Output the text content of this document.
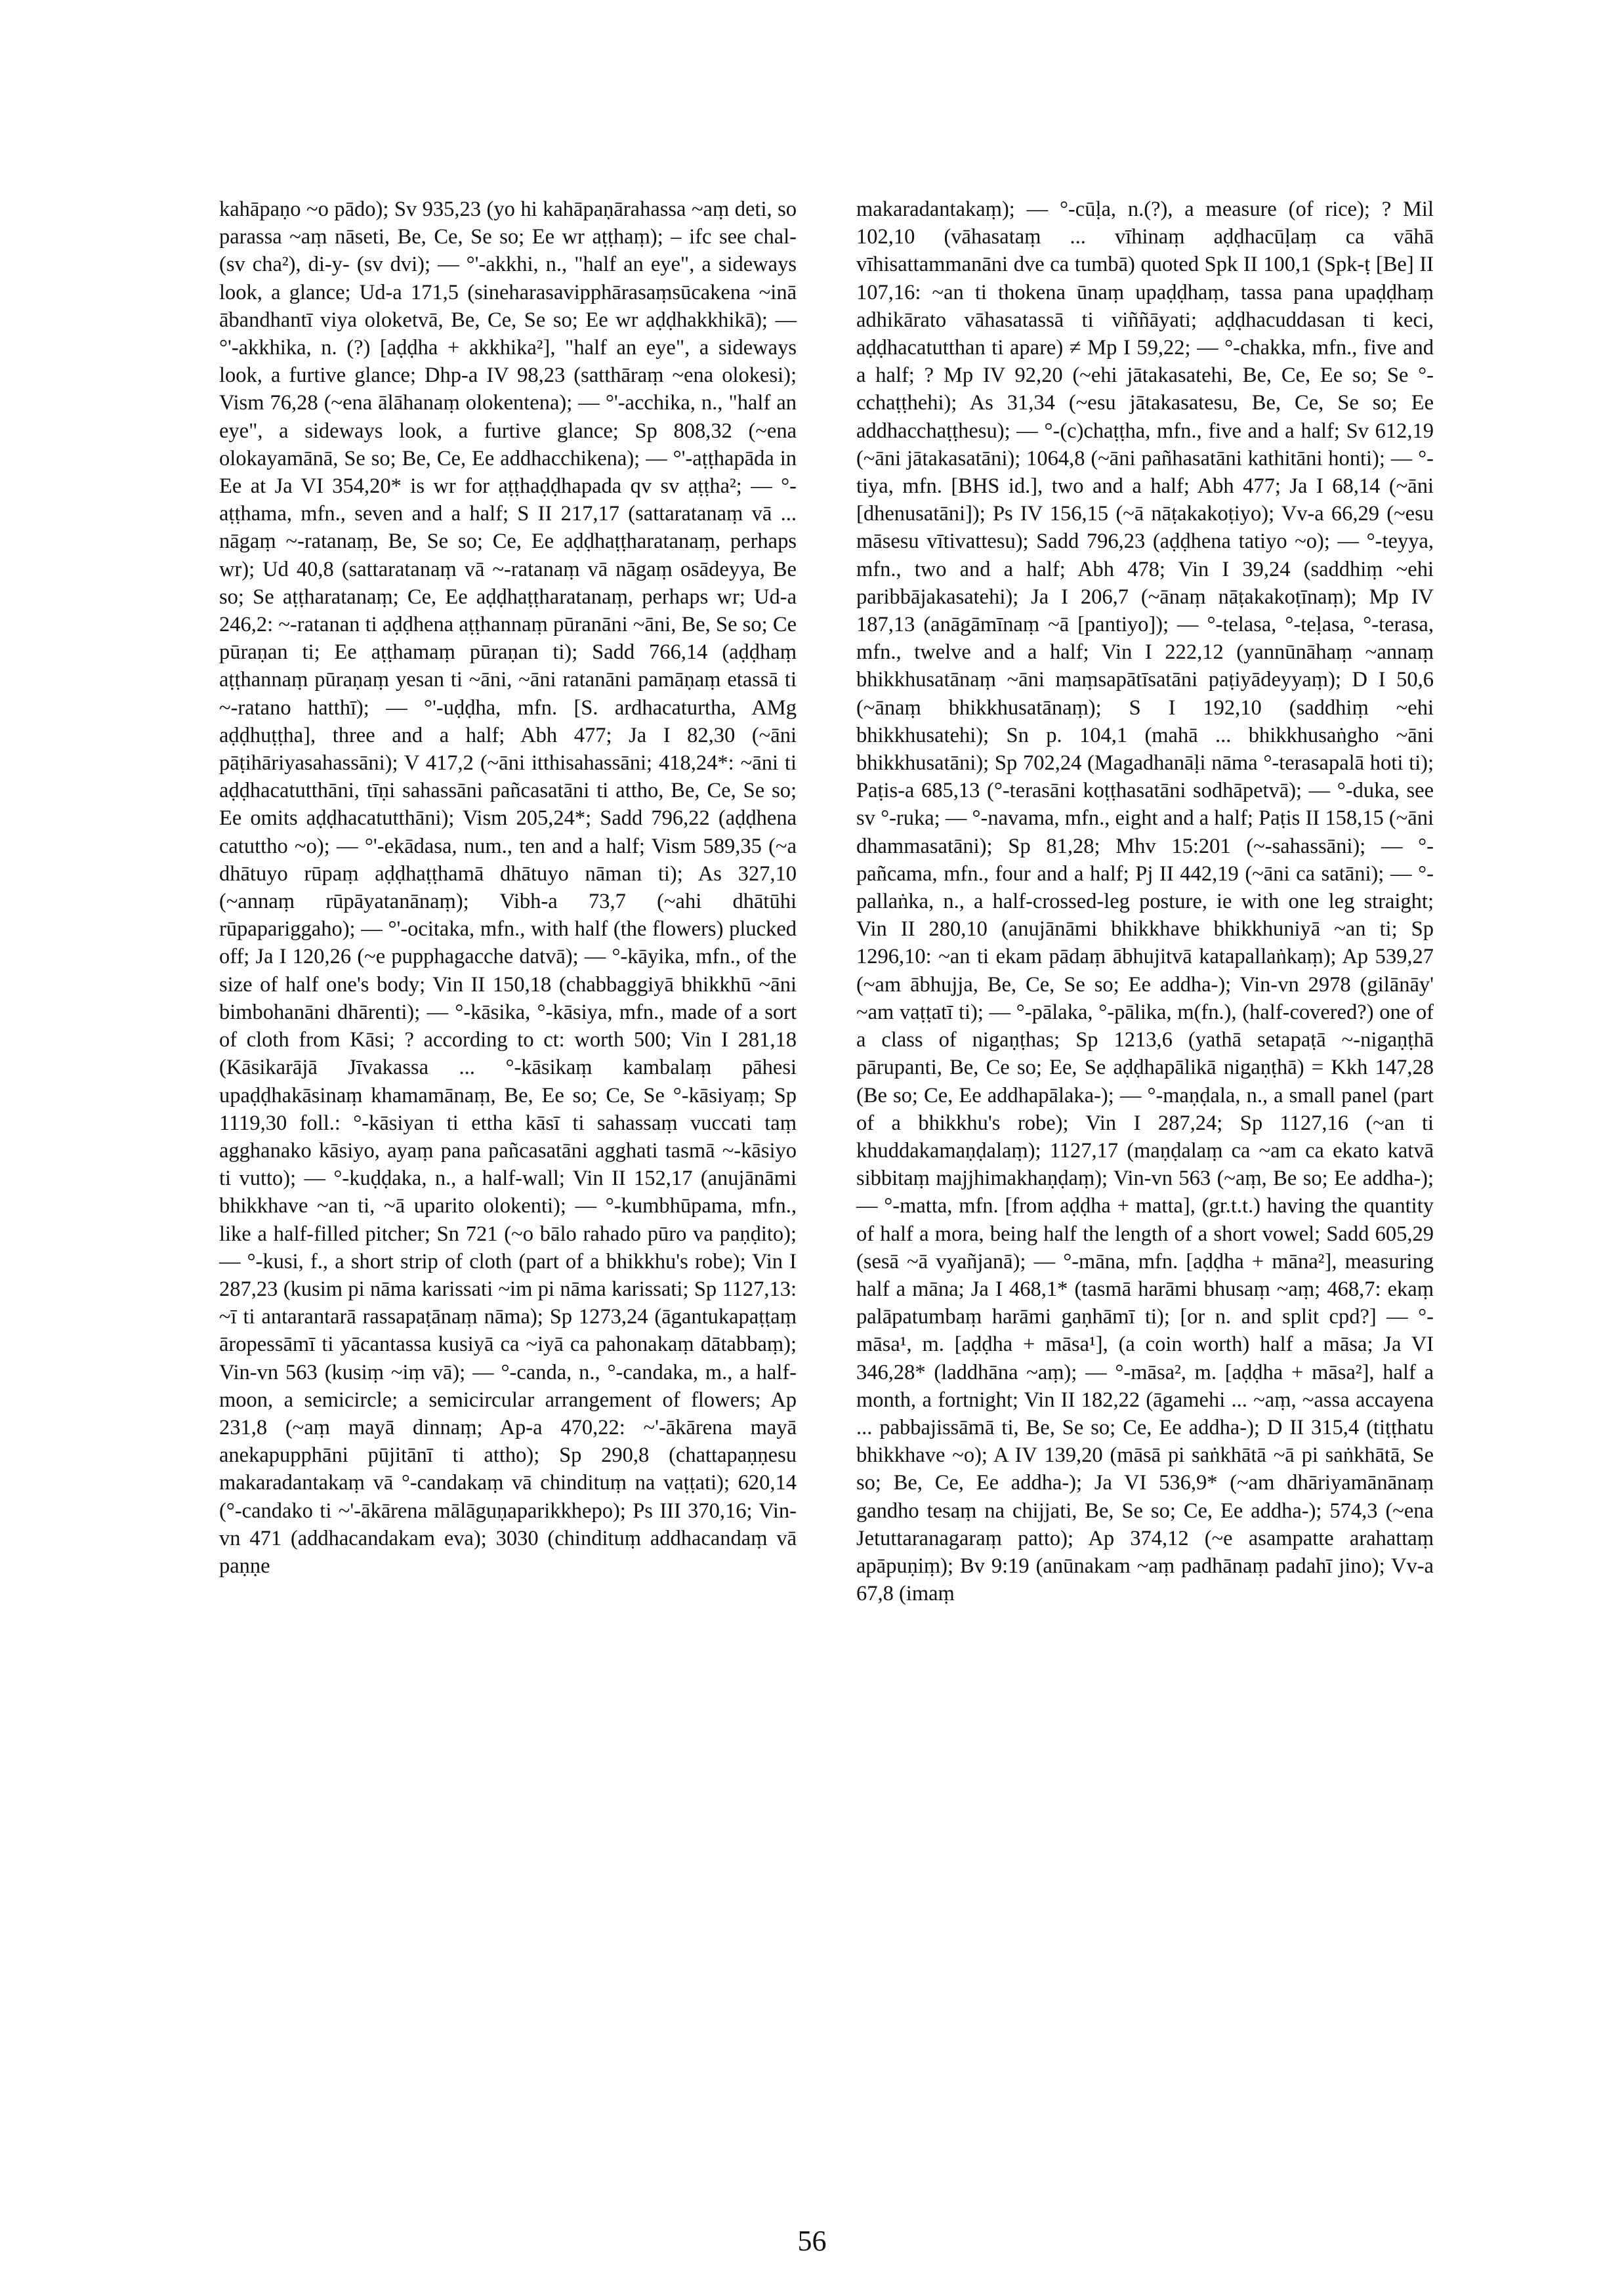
kahāpaṇo ~o pādo); Sv 935,23 (yo hi kahāpaṇārahassa ~aṃ deti, so parassa ~aṃ nāseti, Be, Ce, Se so; Ee wr aṭṭhaṃ); – ifc see chal- (sv cha²), di-y- (sv dvi); — °'-akkhi, n., "half an eye", a sideways look, a glance; Ud-a 171,5 (sineharasavipphārasaṃsūcakena ~inā ābandhantī viya oloketvā, Be, Ce, Se so; Ee wr aḍḍhakkhikā); — °'-akkhika, n. (?) [aḍḍha + akkhika²], "half an eye", a sideways look, a furtive glance; Dhp-a IV 98,23 (satthāraṃ ~ena olokesi); Vism 76,28 (~ena ālāhanaṃ olokentena); — °'-acchika, n., "half an eye", a sideways look, a furtive glance; Sp 808,32 (~ena olokayamānā, Se so; Be, Ce, Ee addhacchikena); — °'-aṭṭhapāda in Ee at Ja VI 354,20* is wr for aṭṭhaḍḍhapada qv sv aṭṭha²; — °-aṭṭhama, mfn., seven and a half; S II 217,17 (sattaratanaṃ vā ... nāgaṃ ~-ratanaṃ, Be, Se so; Ce, Ee aḍḍhaṭṭharatanaṃ, perhaps wr); Ud 40,8 (sattaratanaṃ vā ~-ratanaṃ vā nāgaṃ osādeyya, Be so; Se aṭṭharatanaṃ; Ce, Ee aḍḍhaṭṭharatanaṃ, perhaps wr; Ud-a 246,2: ~-ratanan ti aḍḍhena aṭṭhannaṃ pūranāni ~āni, Be, Se so; Ce pūraṇan ti; Ee aṭṭhamaṃ pūraṇan ti); Sadd 766,14 (aḍḍhaṃ aṭṭhannaṃ pūraṇaṃ yesan ti ~āni, ~āni ratanāni pamāṇaṃ etassā ti ~-ratano hatthī); — °'-uḍḍha, mfn. [S. ardhacaturtha, AMg aḍḍhuṭṭha], three and a half; Abh 477; Ja I 82,30 (~āni pāṭihāriyasahassāni); V 417,2 (~āni itthisahassāni; 418,24*: ~āni ti aḍḍhacatutthāni, tīṇi sahassāni pañcasatāni ti attho, Be, Ce, Se so; Ee omits aḍḍhacatutthāni); Vism 205,24*; Sadd 796,22 (aḍḍhena catuttho ~o); — °'-ekādasa, num., ten and a half; Vism 589,35 (~a dhātuyo rūpaṃ aḍḍhaṭṭhamā dhātuyo nāman ti); As 327,10 (~annaṃ rūpāyatanānaṃ); Vibh-a 73,7 (~ahi dhātūhi rūpapariggaho); — °'-ocitaka, mfn., with half (the flowers) plucked off; Ja I 120,26 (~e pupphagacche datvā); — °-kāyika, mfn., of the size of half one's body; Vin II 150,18 (chabbaggiyā bhikkhū ~āni bimbohanāni dhārenti); — °-kāsika, °-kāsiya, mfn., made of a sort of cloth from Kāsi; ? according to ct: worth 500; Vin I 281,18 (Kāsikarājā Jīvakassa ... °-kāsikaṃ kambalaṃ pāhesi upaḍḍhakāsinaṃ khamamānaṃ, Be, Ee so; Ce, Se °-kāsiyaṃ; Sp 1119,30 foll.: °-kāsiyan ti ettha kāsī ti sahassaṃ vuccati taṃ agghanako kāsiyo, ayaṃ pana pañcasatāni agghati tasmā ~-kāsiyo ti vutto); — °-kuḍḍaka, n., a half-wall; Vin II 152,17 (anujānāmi bhikkhave ~an ti, ~ā uparito olokenti); — °-kumbhūpama, mfn., like a half-filled pitcher; Sn 721 (~o bālo rahado pūro va paṇḍito); — °-kusi, f., a short strip of cloth (part of a bhikkhu's robe); Vin I 287,23 (kusim pi nāma karissati ~im pi nāma karissati; Sp 1127,13: ~ī ti antarantarā rassapaṭānaṃ nāma); Sp 1273,24 (āgantukapaṭṭaṃ āropessāmī ti yācantassa kusiyā ca ~iyā ca pahonakaṃ dātabbaṃ); Vin-vn 563 (kusiṃ ~iṃ vā); — °-canda, n., °-candaka, m., a half-moon, a semicircle; a semicircular arrangement of flowers; Ap 231,8 (~aṃ mayā dinnaṃ; Ap-a 470,22: ~'-ākārena mayā anekapupphāni pūjitānī ti attho); Sp 290,8 (chattapaṇṇesu makaradantakaṃ vā °-candakaṃ vā chindituṃ na vaṭṭati); 620,14 (°-candako ti ~'-ākārena mālāguṇaparikkhepo); Ps III 370,16; Vin-vn 471 (addhacandakam eva); 3030 (chindituṃ addhacandaṃ vā paṇṇe

makaradantakaṃ); — °-cūḷa, n.(?), a measure (of rice); ? Mil 102,10 (vāhasataṃ ... vīhinaṃ aḍḍhacūḷaṃ ca vāhā vīhisattammanāni dve ca tumbā) quoted Spk II 100,1 (Spk-ṭ [Be] II 107,16: ~an ti thokena ūnaṃ upaḍḍhaṃ, tassa pana upaḍḍhaṃ adhikārato vāhasatassā ti viññāyati; aḍḍhacuddasan ti keci, aḍḍhacatutthan ti apare) ≠ Mp I 59,22; — °-chakka, mfn., five and a half; ? Mp IV 92,20 (~ehi jātakasatehi, Be, Ce, Ee so; Se °-cchaṭṭhehi); As 31,34 (~esu jātakasatesu, Be, Ce, Se so; Ee addhacchaṭṭhesu); — °-(c)chaṭṭha, mfn., five and a half; Sv 612,19 (~āni jātakasatāni); 1064,8 (~āni pañhasatāni kathitāni honti); — °-tiya, mfn. [BHS id.], two and a half; Abh 477; Ja I 68,14 (~āni [dhenusatāni]); Ps IV 156,15 (~ā nāṭakakoṭiyo); Vv-a 66,29 (~esu māsesu vītivattesu); Sadd 796,23 (aḍḍhena tatiyo ~o); — °-teyya, mfn., two and a half; Abh 478; Vin I 39,24 (saddhiṃ ~ehi paribbājakasatehi); Ja I 206,7 (~ānaṃ nāṭakakoṭīnaṃ); Mp IV 187,13 (anāgāmīnaṃ ~ā [pantiyo]); — °-telasa, °-teḷasa, °-terasa, mfn., twelve and a half; Vin I 222,12 (yannūnāhaṃ ~annaṃ bhikkhusatānaṃ ~āni maṃsapātīsatāni paṭiyādeyyaṃ); D I 50,6 (~ānaṃ bhikkhusatānaṃ); S I 192,10 (saddhiṃ ~ehi bhikkhusatehi); Sn p. 104,1 (mahā ... bhikkhusaṅgho ~āni bhikkhusatāni); Sp 702,24 (Magadhanāḷi nāma °-terasapalā hoti ti); Paṭis-a 685,13 (°-terasāni koṭṭhasatāni sodhāpetvā); — °-duka, see sv °-ruka; — °-navama, mfn., eight and a half; Paṭis II 158,15 (~āni dhammasatāni); Sp 81,28; Mhv 15:201 (~-sahassāni); — °-pañcama, mfn., four and a half; Pj II 442,19 (~āni ca satāni); — °-pallaṅka, n., a half-crossed-leg posture, ie with one leg straight; Vin II 280,10 (anujānāmi bhikkhave bhikkhuniyā ~an ti; Sp 1296,10: ~an ti ekam pādaṃ ābhujitvā katapallaṅkaṃ); Ap 539,27 (~am ābhujja, Be, Ce, Se so; Ee addha-); Vin-vn 2978 (gilānāy' ~am vaṭṭatī ti); — °-pālaka, °-pālika, m(fn.), (half-covered?) one of a class of nigaṇṭhas; Sp 1213,6 (yathā setapaṭā ~-nigaṇṭhā pārupanti, Be, Ce so; Ee, Se aḍḍhapālikā nigaṇṭhā) = Kkh 147,28 (Be so; Ce, Ee addhapālaka-); — °-maṇḍala, n., a small panel (part of a bhikkhu's robe); Vin I 287,24; Sp 1127,16 (~an ti khuddakamaṇḍalaṃ); 1127,17 (maṇḍalaṃ ca ~am ca ekato katvā sibbitaṃ majjhimakhaṇḍaṃ); Vin-vn 563 (~aṃ, Be so; Ee addha-); — °-matta, mfn. [from aḍḍha + matta], (gr.t.t.) having the quantity of half a mora, being half the length of a short vowel; Sadd 605,29 (sesā ~ā vyañjanā); — °-māna, mfn. [aḍḍha + māna²], measuring half a māna; Ja I 468,1* (tasmā harāmi bhusaṃ ~aṃ; 468,7: ekaṃ palāpatumbaṃ harāmi gaṇhāmī ti); [or n. and split cpd?] — °-māsa¹, m. [aḍḍha + māsa¹], (a coin worth) half a māsa; Ja VI 346,28* (laddhāna ~aṃ); — °-māsa², m. [aḍḍha + māsa²], half a month, a fortnight; Vin II 182,22 (āgamehi ... ~aṃ, ~assa accayena ... pabbajissāmā ti, Be, Se so; Ce, Ee addha-); D II 315,4 (tiṭṭhatu bhikkhave ~o); A IV 139,20 (māsā pi saṅkhātā ~ā pi saṅkhātā, Se so; Be, Ce, Ee addha-); Ja VI 536,9* (~am dhāriyamānānaṃ gandho tesaṃ na chijjati, Be, Se so; Ce, Ee addha-); 574,3 (~ena Jetuttaranagaraṃ patto); Ap 374,12 (~e asampatte arahattaṃ apāpuṇiṃ); Bv 9:19 (anūnakam ~aṃ padhānaṃ padahī jino); Vv-a 67,8 (imaṃ

56
